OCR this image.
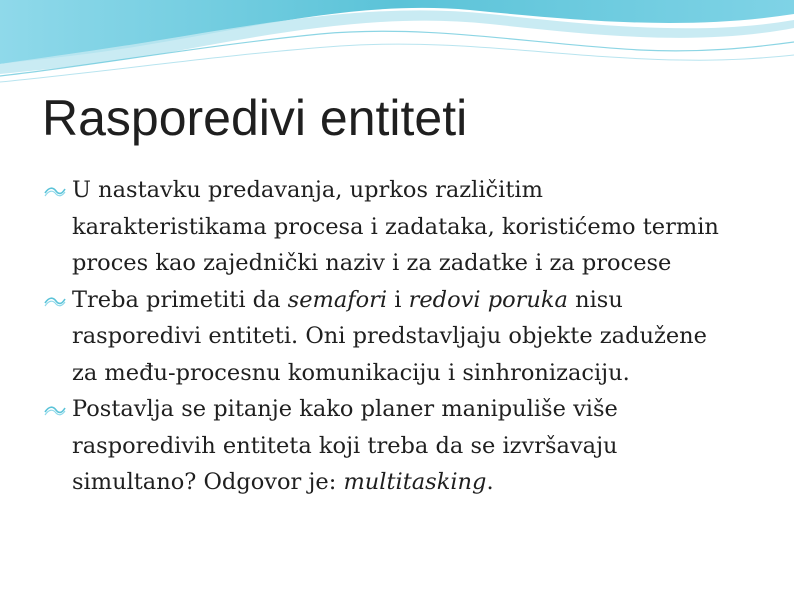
Rasporedivi entiteti

U nastavku predavanja, uprkos različitim karakteristikama procesa i zadataka, koristićemo termin proces kao zajednički naziv i za zadatke i za procese

Treba primetiti da semafori i redovi poruka nisu rasporedivi entiteti. Oni predstavljaju objekte zadužene za među-procesnu komunikaciju i sinhronizaciju.

Postavlja se pitanje kako planer manipuliše više rasporedivih entiteta koji treba da se izvršavaju simultano? Odgovor je: multitasking.
